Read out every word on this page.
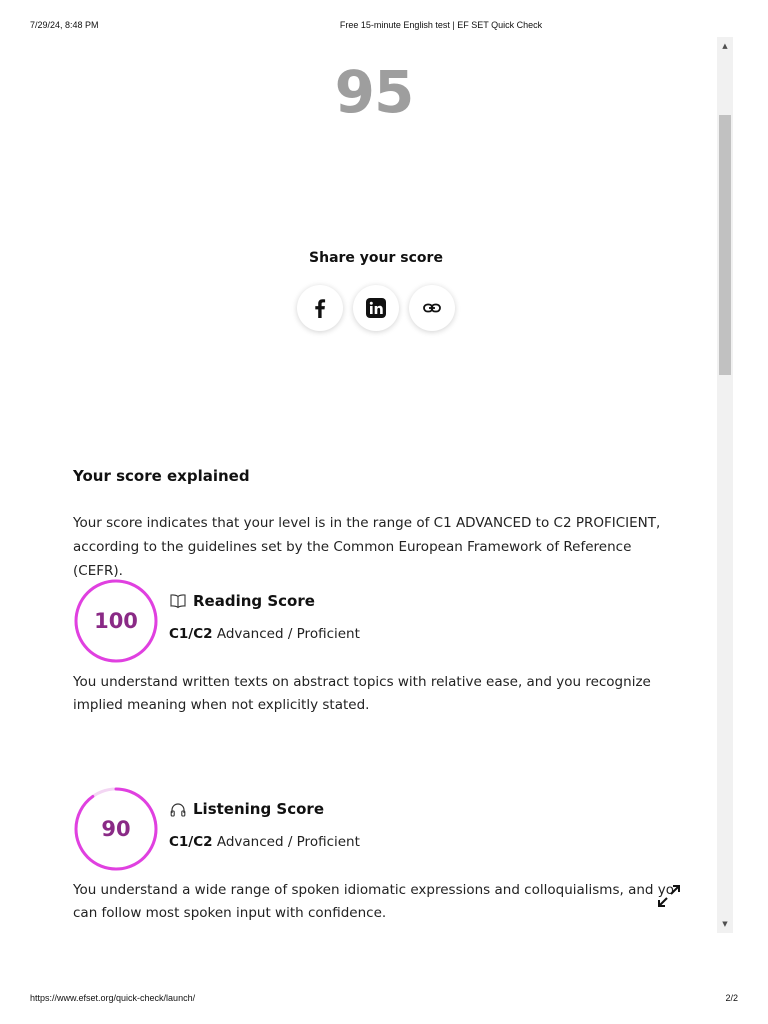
7/29/24, 8:48 PM	Free 15-minute English test | EF SET Quick Check
95
Share your score
Your score explained
Your score indicates that your level is in the range of C1 ADVANCED to C2 PROFICIENT, according to the guidelines set by the Common European Framework of Reference (CEFR).
100
Reading Score
C1/C2 Advanced / Proficient
You understand written texts on abstract topics with relative ease, and you recognize implied meaning when not explicitly stated.
90
Listening Score
C1/C2 Advanced / Proficient
You understand a wide range of spoken idiomatic expressions and colloquialisms, and yo can follow most spoken input with confidence.
▲
▼
https://www.efset.org/quick-check/launch/	2/2
